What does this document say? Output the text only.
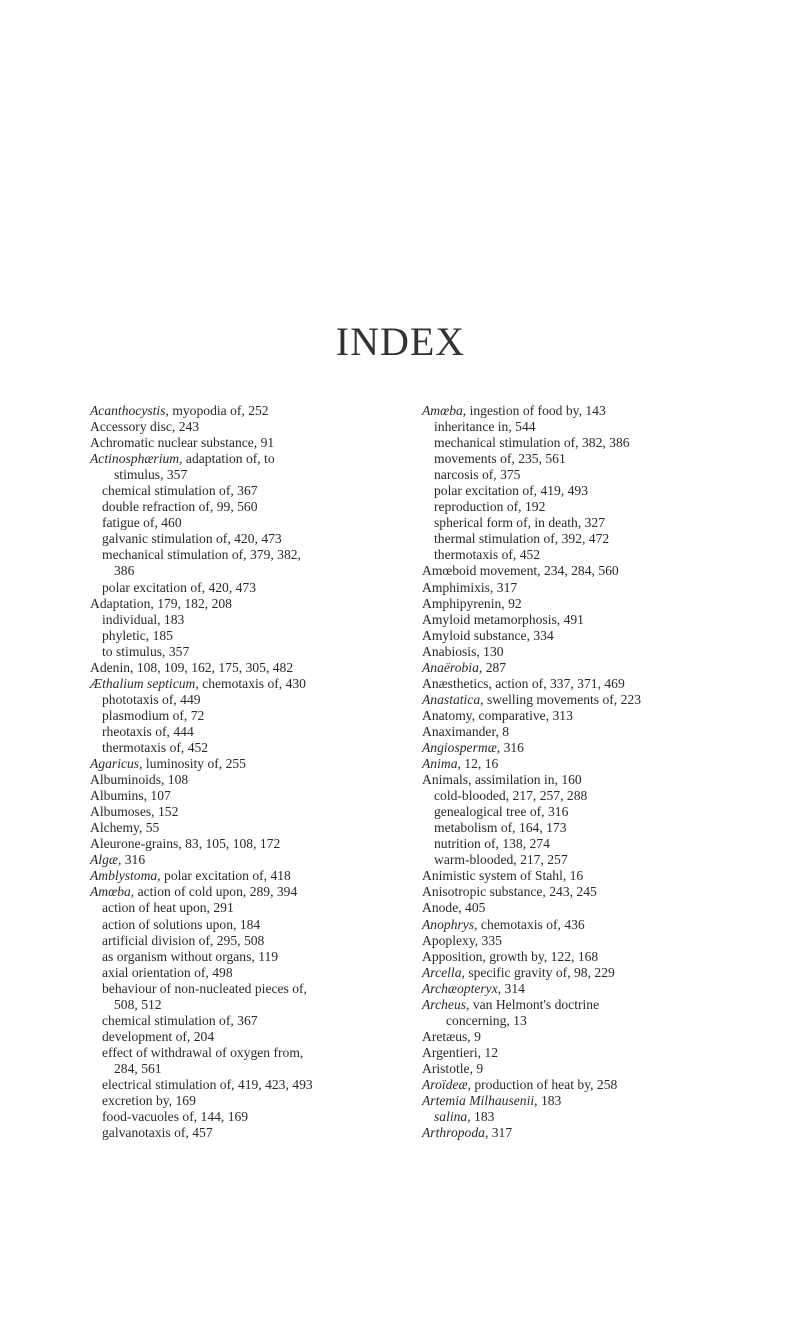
INDEX
Acanthocystis, myopodia of, 252
Accessory disc, 243
Achromatic nuclear substance, 91
Actinosphærium, adaptation of, to
stimulus, 357
chemical stimulation of, 367
double refraction of, 99, 560
fatigue of, 460
galvanic stimulation of, 420, 473
mechanical stimulation of, 379, 382,
386
polar excitation of, 420, 473
Adaptation, 179, 182, 208
individual, 183
phyletic, 185
to stimulus, 357
Adenin, 108, 109, 162, 175, 305, 482
Æthalium septicum, chemotaxis of, 430
phototaxis of, 449
plasmodium of, 72
rheotaxis of, 444
thermotaxis of, 452
Agaricus, luminosity of, 255
Albuminoids, 108
Albumins, 107
Albumoses, 152
Alchemy, 55
Aleurone-grains, 83, 105, 108, 172
Algæ, 316
Amblystoma, polar excitation of, 418
Amœba, action of cold upon, 289, 394
action of heat upon, 291
action of solutions upon, 184
artificial division of, 295, 508
as organism without organs, 119
axial orientation of, 498
behaviour of non-nucleated pieces of,
508, 512
chemical stimulation of, 367
development of, 204
effect of withdrawal of oxygen from,
284, 561
electrical stimulation of, 419, 423, 493
excretion by, 169
food-vacuoles of, 144, 169
galvanotaxis of, 457
Amœba, ingestion of food by, 143
inheritance in, 544
mechanical stimulation of, 382, 386
movements of, 235, 561
narcosis of, 375
polar excitation of, 419, 493
reproduction of, 192
spherical form of, in death, 327
thermal stimulation of, 392, 472
thermotaxis of, 452
Amœboid movement, 234, 284, 560
Amphimixis, 317
Amphipyrenin, 92
Amyloid metamorphosis, 491
Amyloid substance, 334
Anabiosis, 130
Anaërobia, 287
Anæsthetics, action of, 337, 371, 469
Anastatica, swelling movements of, 223
Anatomy, comparative, 313
Anaximander, 8
Angiospermæ, 316
Anima, 12, 16
Animals, assimilation in, 160
cold-blooded, 217, 257, 288
genealogical tree of, 316
metabolism of, 164, 173
nutrition of, 138, 274
warm-blooded, 217, 257
Animistic system of Stahl, 16
Anisotropic substance, 243, 245
Anode, 405
Anophrys, chemotaxis of, 436
Apoplexy, 335
Apposition, growth by, 122, 168
Arcella, specific gravity of, 98, 229
Archæopteryx, 314
Archeus, van Helmont's doctrine
concerning, 13
Aretæus, 9
Argentieri, 12
Aristotle, 9
Aroïdeæ, production of heat by, 258
Artemia Milhausenii, 183
salina, 183
Arthropoda, 317
